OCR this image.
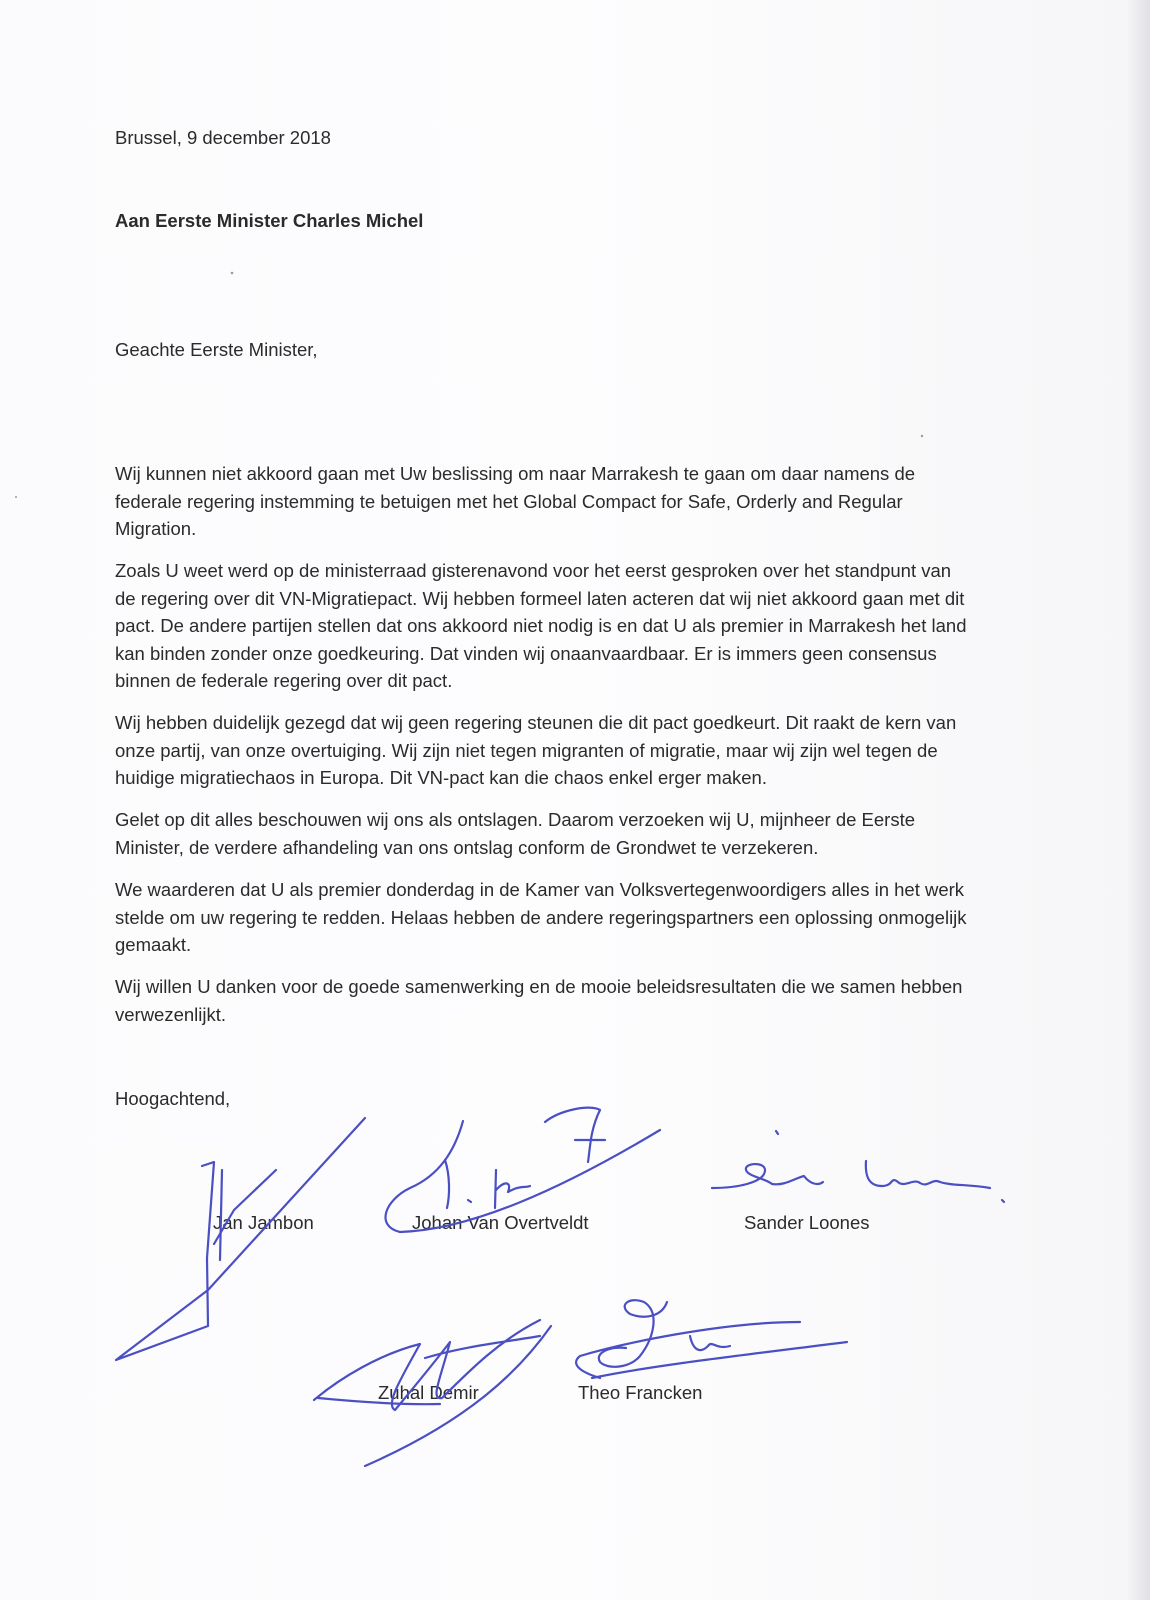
Brussel, 9 december 2018

Aan Eerste Minister Charles Michel

Geachte Eerste Minister,

Wij kunnen niet akkoord gaan met Uw beslissing om naar Marrakesh te gaan om daar namens de federale regering instemming te betuigen met het Global Compact for Safe, Orderly and Regular Migration.

Zoals U weet werd op de ministerraad gisterenavond voor het eerst gesproken over het standpunt van de regering over dit VN-Migratiepact. Wij hebben formeel laten acteren dat wij niet akkoord gaan met dit pact. De andere partijen stellen dat ons akkoord niet nodig is en dat U als premier in Marrakesh het land kan binden zonder onze goedkeuring. Dat vinden wij onaanvaardbaar. Er is immers geen consensus binnen de federale regering over dit pact.

Wij hebben duidelijk gezegd dat wij geen regering steunen die dit pact goedkeurt. Dit raakt de kern van onze partij, van onze overtuiging. Wij zijn niet tegen migranten of migratie, maar wij zijn wel tegen de huidige migratiechaos in Europa. Dit VN-pact kan die chaos enkel erger maken.

Gelet op dit alles beschouwen wij ons als ontslagen. Daarom verzoeken wij U, mijnheer de Eerste Minister, de verdere afhandeling van ons ontslag conform de Grondwet te verzekeren.

We waarderen dat U als premier donderdag in de Kamer van Volksvertegenwoordigers alles in het werk stelde om uw regering te redden. Helaas hebben de andere regeringspartners een oplossing onmogelijk gemaakt.

Wij willen U danken voor de goede samenwerking en de mooie beleidsresultaten die we samen hebben verwezenlijkt.

Hoogachtend,

Jan Jambon	Johan Van Overtveldt	Sander Loones
Zuhal Demir	Theo Francken
